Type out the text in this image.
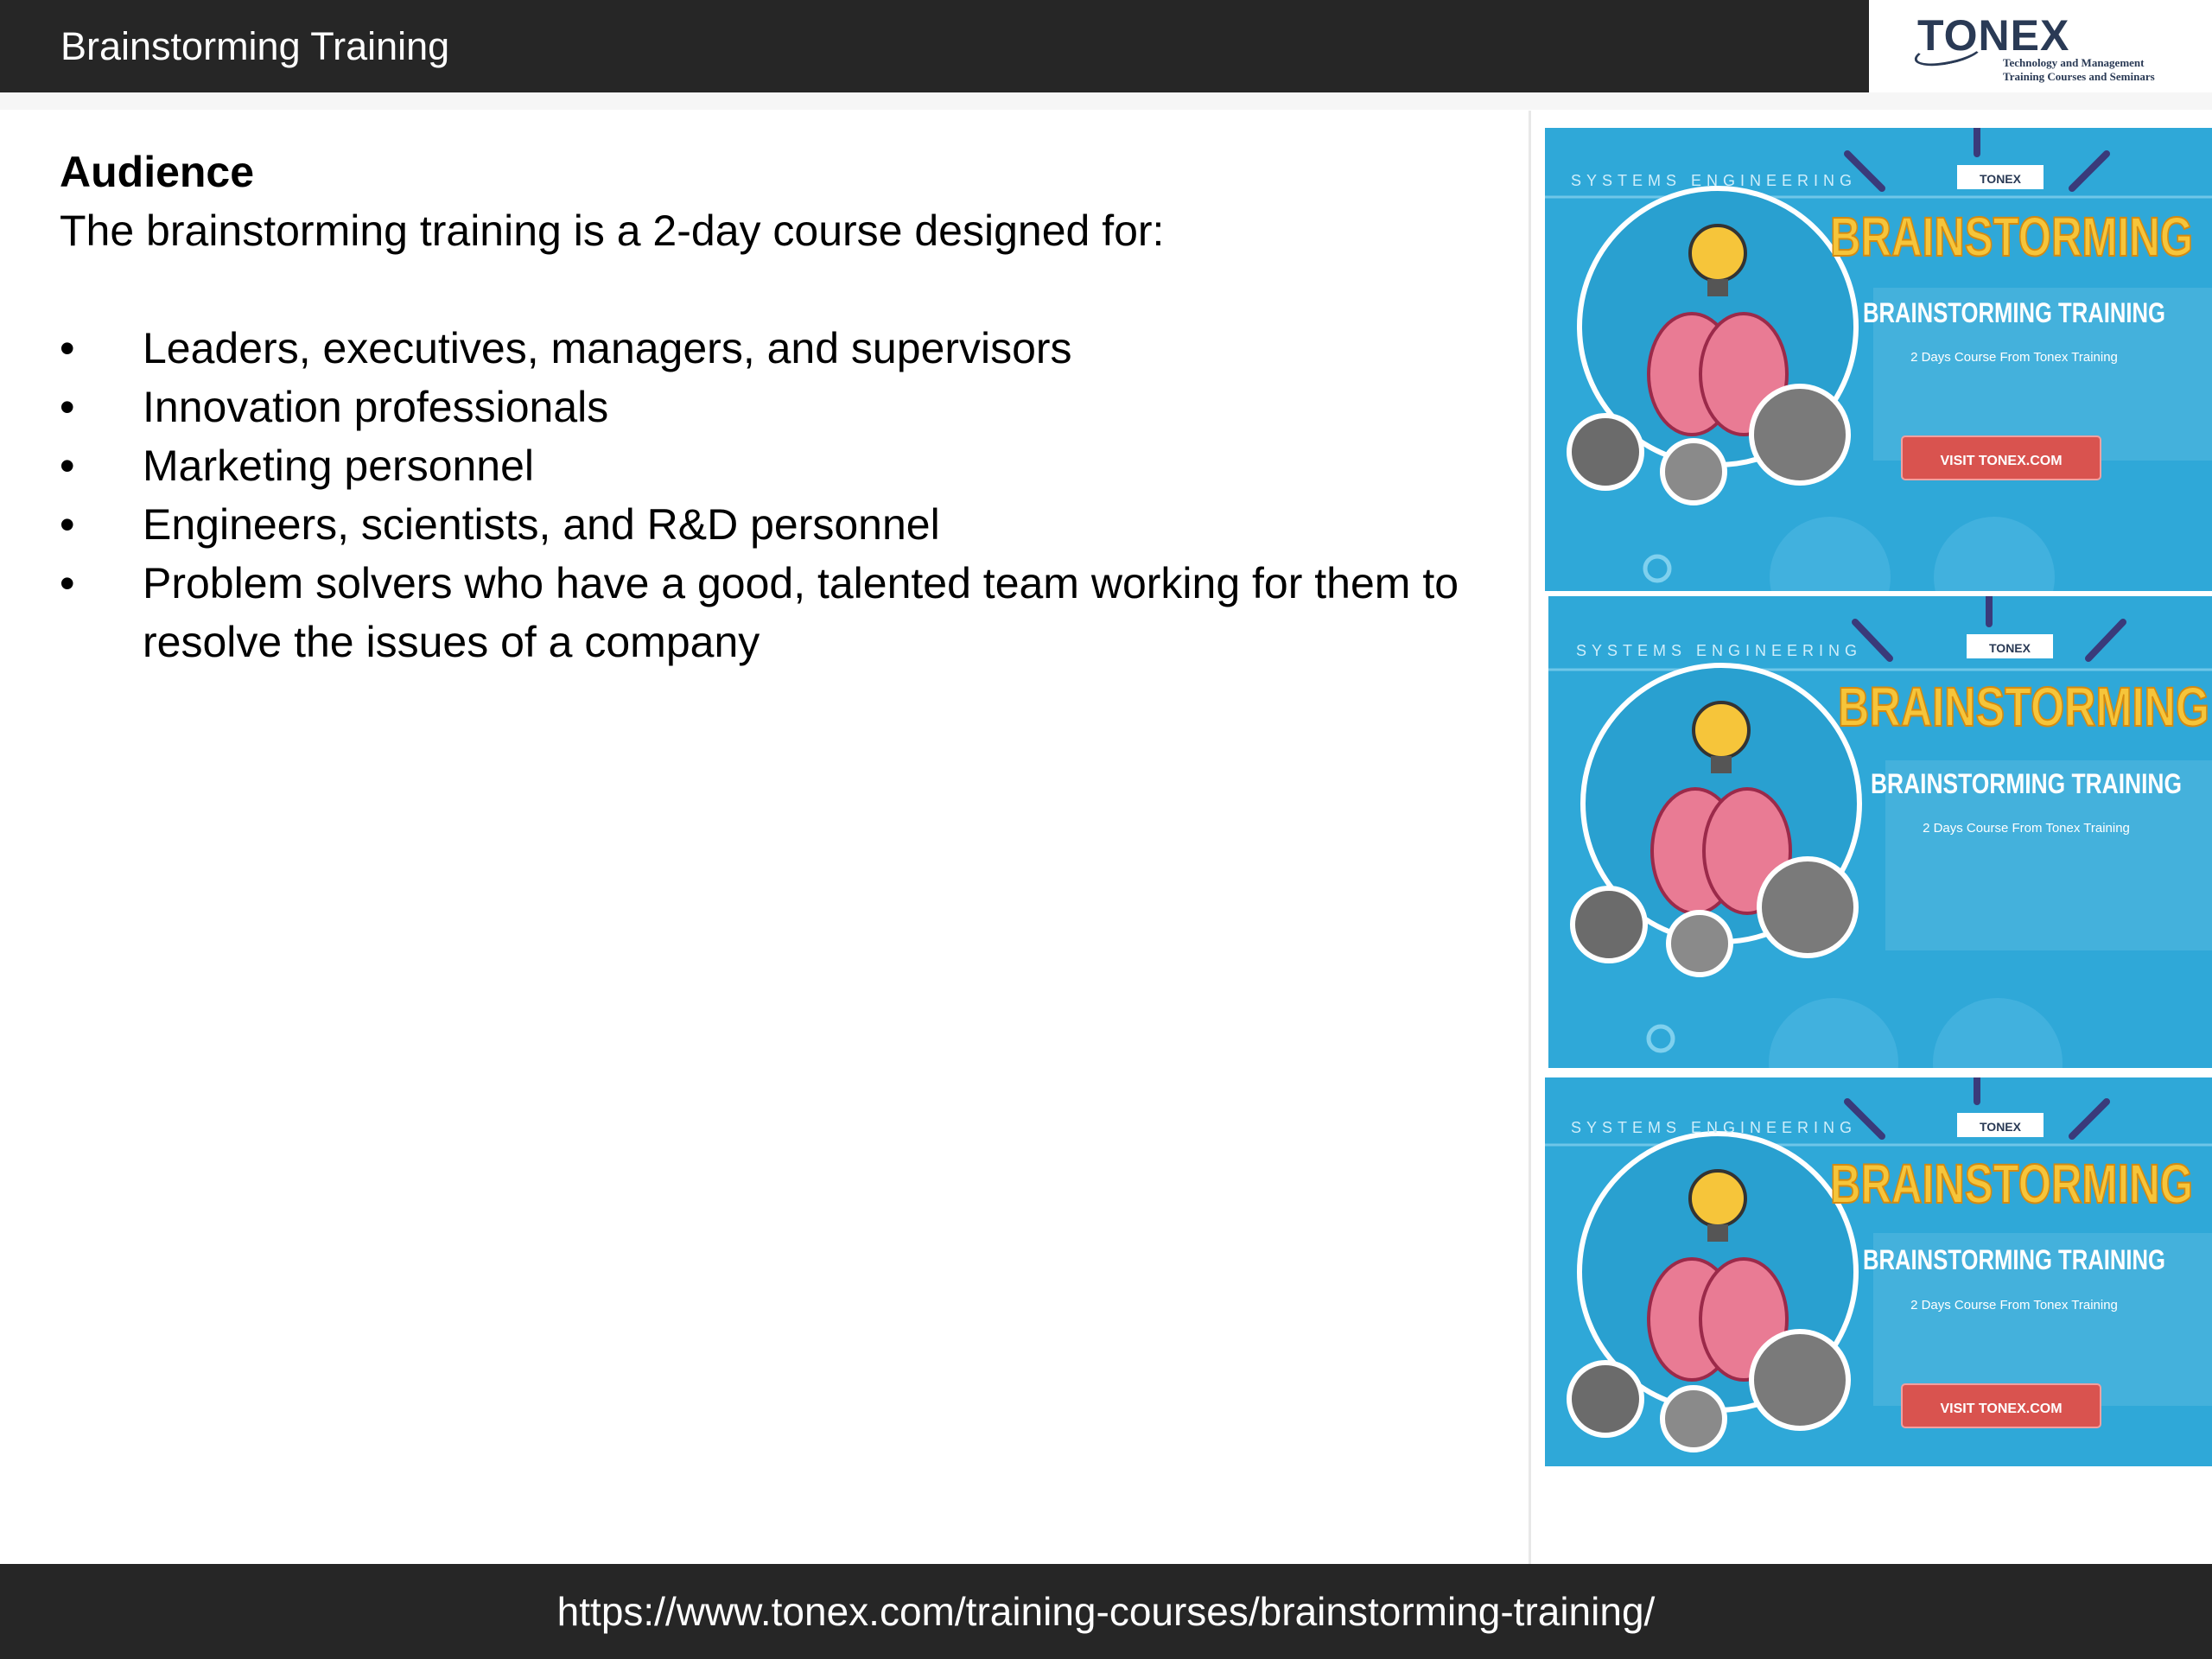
Brainstorming Training	TONEX
Technology and Management
Training Courses and Seminars
Audience
The brainstorming training is a 2-day course designed for:
•	Leaders, executives, managers, and supervisors
•	Innovation professionals
•	Marketing personnel
•	Engineers, scientists, and R&D personnel
•	Problem solvers who have a good, talented team working for them to resolve the issues of a company
TONEX
SYSTEMS ENGINEERING
BRAINSTORMING
BRAINSTORMING TRAINING
2 Days Course From Tonex Training
VISIT TONEX.COM
TONEX
SYSTEMS ENGINEERING
BRAINSTORMING
BRAINSTORMING TRAINING
2 Days Course From Tonex Training
TONEX
SYSTEMS ENGINEERING
BRAINSTORMING
BRAINSTORMING TRAINING
2 Days Course From Tonex Training
VISIT TONEX.COM
https://www.tonex.com/training-courses/brainstorming-training/
